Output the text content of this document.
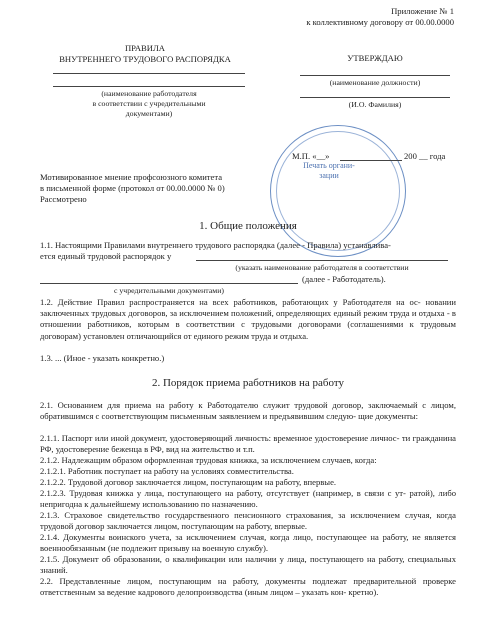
Приложение № 1
к коллективному договору от 00.00.0000
ПРАВИЛА
ВНУТРЕННЕГО ТРУДОВОГО РАСПОРЯДКА
(наименование работодателя
в соответствии с учредительными
документами)
Мотивированное мнение профсоюзного комитета
в письменной форме (протокол от 00.00.0000 № 0)
Рассмотрено
УТВЕРЖДАЮ
(наименование должности)
(И.О. Фамилия)
М.П. «__»	200 __ года
Печать органи-
зации
1. Общие положения
1.1. Настоящими Правилами внутреннего трудового распорядка (далее - Правила) устанавлива-
ется единый трудовой распорядок у
(указать наименование работодателя в соответствии
(далее - Работодатель).
с учредительными документами)
1.2. Действие Правил распространяется на всех работников, работающих у Работодателя на ос- новании заключенных трудовых договоров, за исключением положений, определяющих единый режим труда и отдыха - в отношении работников, которым в соответствии с трудовыми договорами (соглашениями к трудовым договорам) установлен отличающийся от единого режим труда и отдыха.
1.3. ... (Иное - указать конкретно.)
2. Порядок приема работников на работу
2.1. Основанием для приема на работу к Работодателю служит трудовой договор, заключаемый с лицом, обратившимся с соответствующим письменным заявлением и предъявившим следую- щие документы:
2.1.1. Паспорт или иной документ, удостоверяющий личность: временное удостоверение личнос- ти гражданина РФ, удостоверение беженца в РФ, вид на жительство и т.п.
2.1.2. Надлежащим образом оформленная трудовая книжка, за исключением случаев, когда:
2.1.2.1. Работник поступает на работу на условиях совместительства.
2.1.2.2. Трудовой договор заключается лицом, поступающим на работу, впервые.
2.1.2.3. Трудовая книжка у лица, поступающего на работу, отсутствует (например, в связи с ут- ратой), либо непригодна к дальнейшему использованию по назначению.
2.1.3. Страховое свидетельство государственного пенсионного страхования, за исключением случая, когда трудовой договор заключается лицом, поступающим на работу, впервые.
2.1.4. Документы воинского учета, за исключением случая, когда лицо, поступающее на работу, не является военнообязанным (не подлежит призыву на военную службу).
2.1.5. Документ об образовании, о квалификации или наличии у лица, поступающего на работу, специальных знаний.
2.2. Представленные лицом, поступающим на работу, документы подлежат предварительной проверке ответственным за ведение кадрового делопроизводства (иным лицом – указать кон- кретно).
